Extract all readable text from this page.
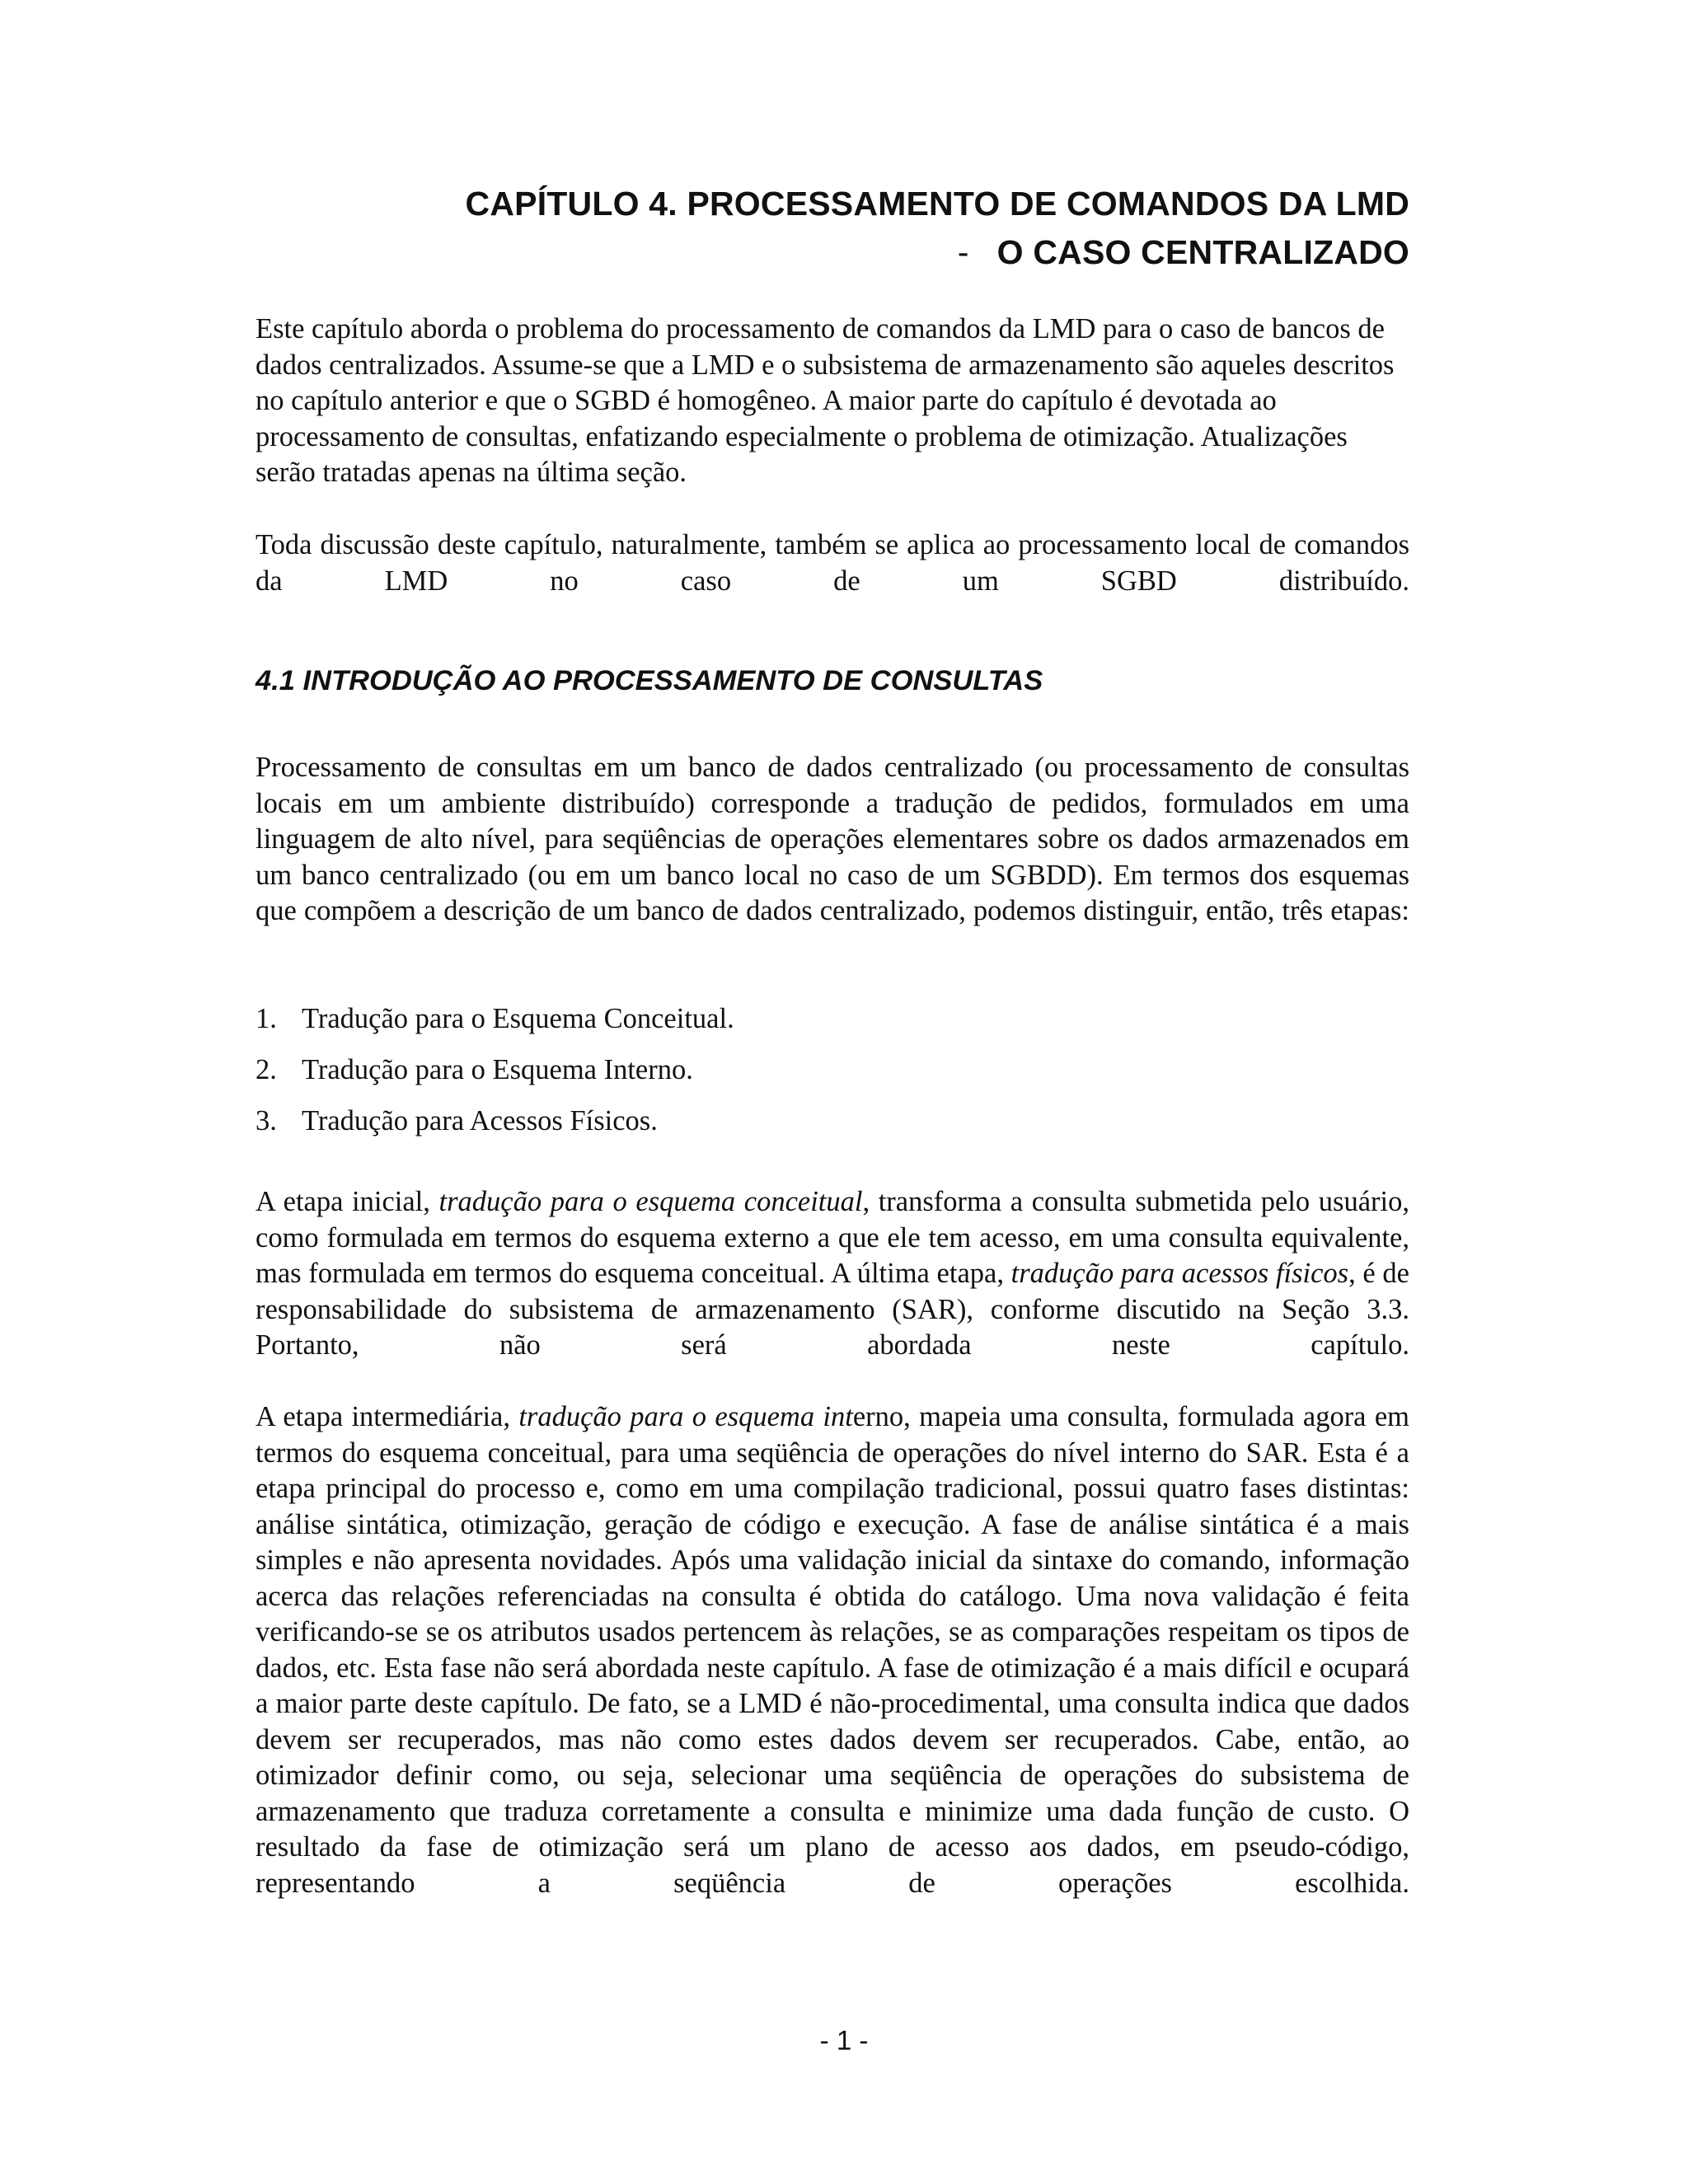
CAPÍTULO 4. PROCESSAMENTO DE COMANDOS DA LMD
- O CASO CENTRALIZADO

Este capítulo aborda o problema do processamento de comandos da LMD para o caso de bancos de dados centralizados. Assume-se que a LMD e o subsistema de armazenamento são aqueles descritos no capítulo anterior e que o SGBD é homogêneo. A maior parte do capítulo é devotada ao processamento de consultas, enfatizando especialmente o problema de otimização. Atualizações serão tratadas apenas na última seção.

Toda discussão deste capítulo, naturalmente, também se aplica ao processamento local de comandos da LMD no caso de um SGBD distribuído.

4.1 INTRODUÇÃO AO PROCESSAMENTO DE CONSULTAS

Processamento de consultas em um banco de dados centralizado (ou processamento de consultas locais em um ambiente distribuído) corresponde a tradução de pedidos, formulados em uma linguagem de alto nível, para seqüências de operações elementares sobre os dados armazenados em um banco centralizado (ou em um banco local no caso de um SGBDD). Em termos dos esquemas que compõem a descrição de um banco de dados centralizado, podemos distinguir, então, três etapas:

1. Tradução para o Esquema Conceitual.
2. Tradução para o Esquema Interno.
3. Tradução para Acessos Físicos.

A etapa inicial, tradução para o esquema conceitual, transforma a consulta submetida pelo usuário, como formulada em termos do esquema externo a que ele tem acesso, em uma consulta equivalente, mas formulada em termos do esquema conceitual. A última etapa, tradução para acessos físicos, é de responsabilidade do subsistema de armazenamento (SAR), conforme discutido na Seção 3.3. Portanto, não será abordada neste capítulo.

A etapa intermediária, tradução para o esquema interno, mapeia uma consulta, formulada agora em termos do esquema conceitual, para uma seqüência de operações do nível interno do SAR. Esta é a etapa principal do processo e, como em uma compilação tradicional, possui quatro fases distintas: análise sintática, otimização, geração de código e execução. A fase de análise sintática é a mais simples e não apresenta novidades. Após uma validação inicial da sintaxe do comando, informação acerca das relações referenciadas na consulta é obtida do catálogo. Uma nova validação é feita verificando-se se os atributos usados pertencem às relações, se as comparações respeitam os tipos de dados, etc. Esta fase não será abordada neste capítulo. A fase de otimização é a mais difícil e ocupará a maior parte deste capítulo. De fato, se a LMD é não-procedimental, uma consulta indica que dados devem ser recuperados, mas não como estes dados devem ser recuperados. Cabe, então, ao otimizador definir como, ou seja, selecionar uma seqüência de operações do subsistema de armazenamento que traduza corretamente a consulta e minimize uma dada função de custo. O resultado da fase de otimização será um plano de acesso aos dados, em pseudo-código, representando a seqüência de operações escolhida.

- 1 -
